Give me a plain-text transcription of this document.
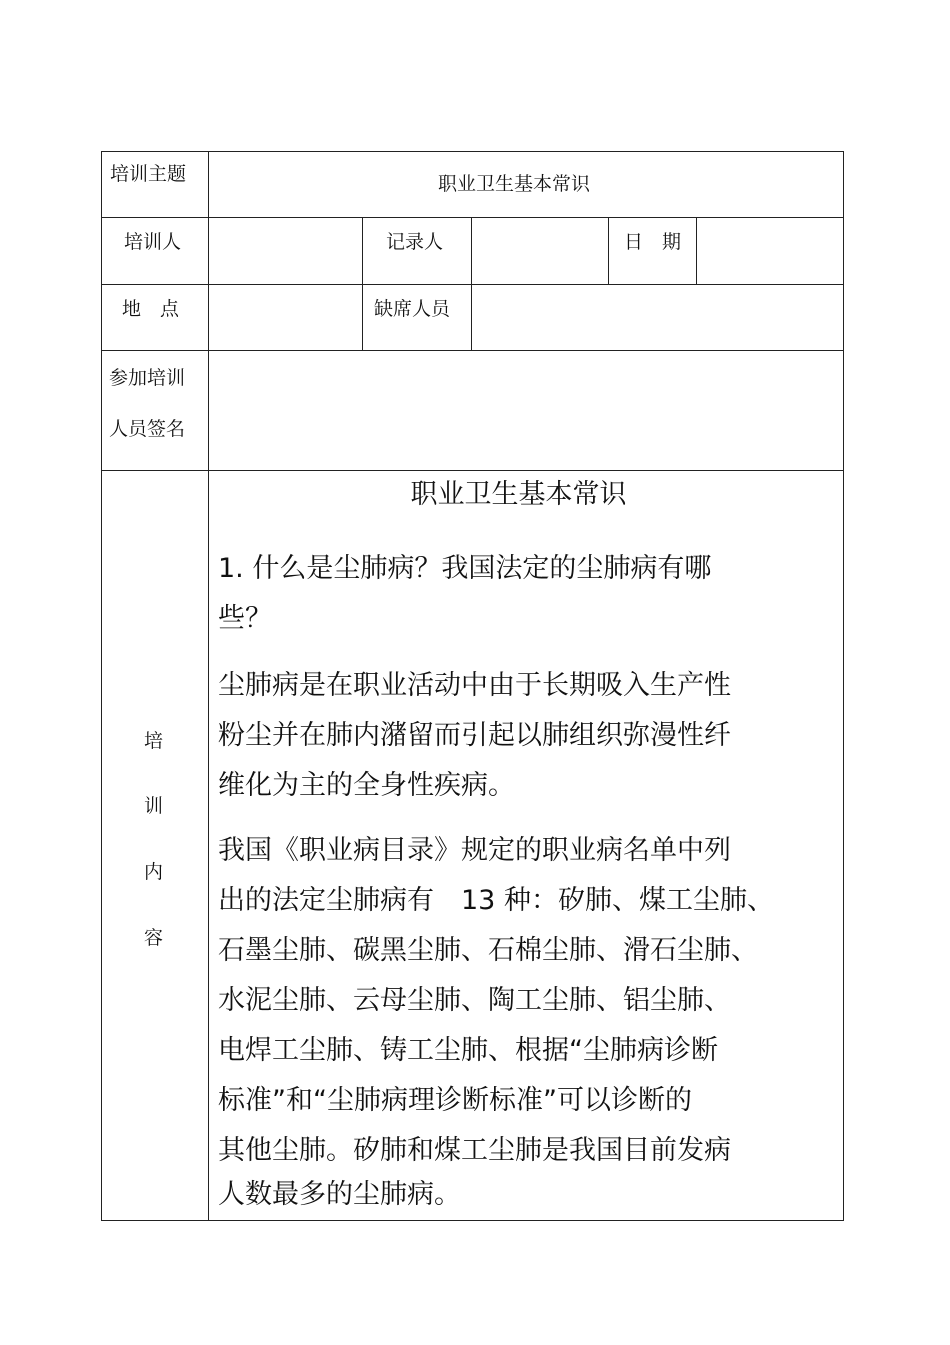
培训主题	职业卫生基本常识
培训人	记录人	日　期
地　点	缺席人员
参加培训
人员签名
培
训
内
容
职业卫生基本常识

1. 什么是尘肺病？我国法定的尘肺病有哪

些？

尘肺病是在职业活动中由于长期吸入生产性

粉尘并在肺内潴留而引起以肺组织弥漫性纤

维化为主的全身性疾病。

我国《职业病目录》规定的职业病名单中列

出的法定尘肺病有　13 种：矽肺、煤工尘肺、

石墨尘肺、碳黑尘肺、石棉尘肺、滑石尘肺、

水泥尘肺、云母尘肺、陶工尘肺、铝尘肺、

电焊工尘肺、铸工尘肺、根据“尘肺病诊断

标准”和“尘肺病理诊断标准”可以诊断的

其他尘肺。矽肺和煤工尘肺是我国目前发病

人数最多的尘肺病。
